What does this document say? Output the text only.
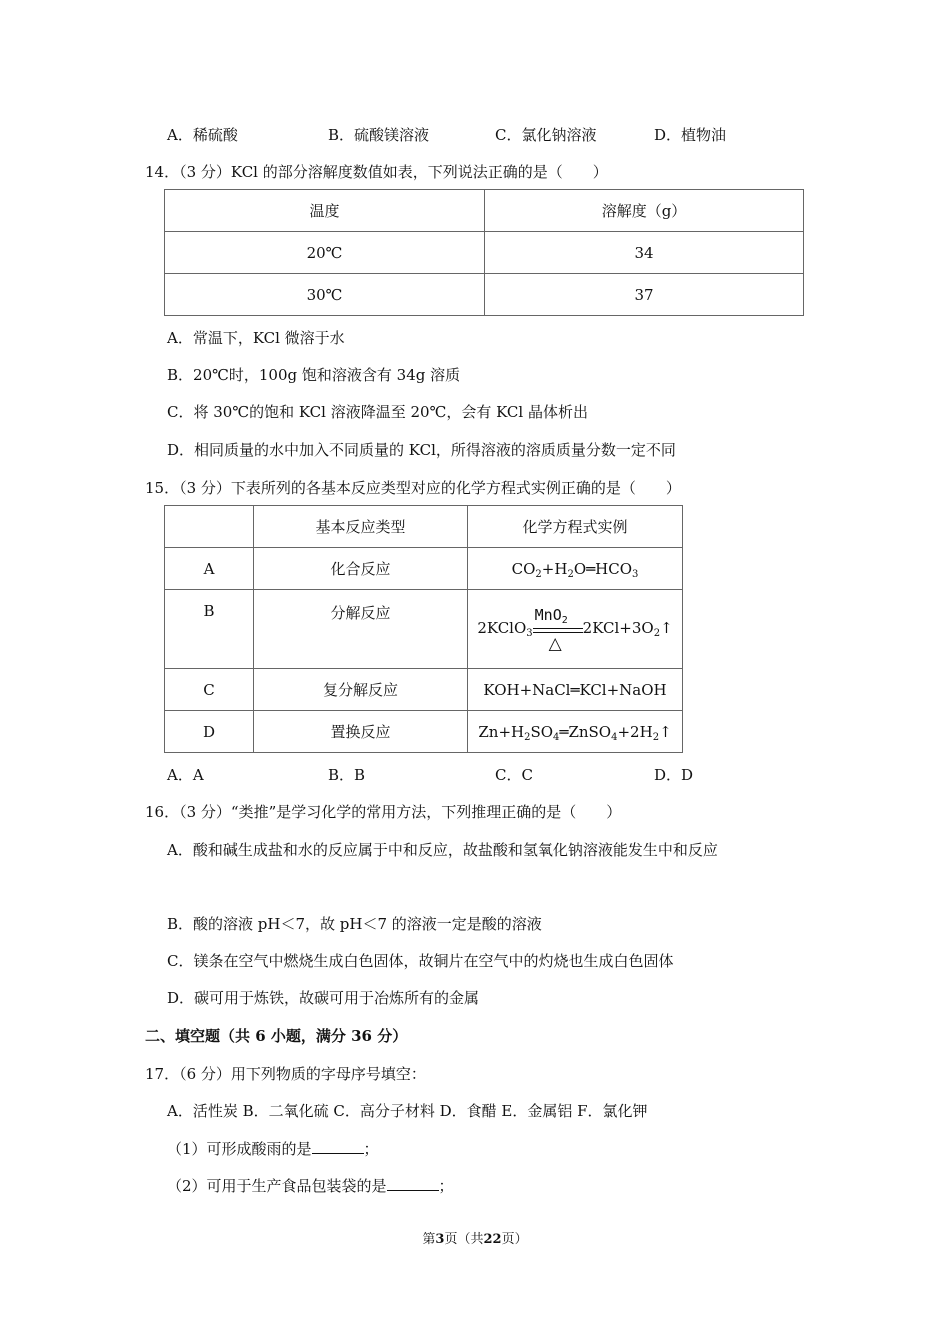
A．稀硫酸	B．硫酸镁溶液	C．氯化钠溶液	D．植物油
14．（3 分）KCl 的部分溶解度数值如表，下列说法正确的是（　　）
温度	溶解度（g）
20℃	34
30℃	37
A．常温下，KCl 微溶于水
B．20℃时，100g 饱和溶液含有 34g 溶质
C．将 30℃的饱和 KCl 溶液降温至 20℃，会有 KCl 晶体析出
D．相同质量的水中加入不同质量的 KCl，所得溶液的溶质质量分数一定不同
15．（3 分）下表所列的各基本反应类型对应的化学方程式实例正确的是（　　）
	基本反应类型	化学方程式实例
A	化合反应	$CO_2+H_2O═HCO_3$
B	分解反应	2KClO$_3$
MnO$_2$
△
$2KCl+3O_2↑$
C	复分解反应	KOH+NaCl═KCl+NaOH
D	置换反应	$Zn+H_2SO_4═ZnSO_4+2H_2↑$
A．A	B．B	C．C	D．D
16．（3 分）“类推”是学习化学的常用方法，下列推理正确的是（　　）
A．酸和碱生成盐和水的反应属于中和反应，故盐酸和氢氧化钠溶液能发生中和反应
B．酸的溶液 pH＜7，故 pH＜7 的溶液一定是酸的溶液
C．镁条在空气中燃烧生成白色固体，故铜片在空气中的灼烧也生成白色固体
D．碳可用于炼铁，故碳可用于冶炼所有的金属
二、填空题（共 6 小题，满分 36 分）
17．（6 分）用下列物质的字母序号填空：
A．活性炭 B．二氧化硫 C．高分子材料 D．食醋 E．金属铝 F．氯化钾
（1）可形成酸雨的是	；
（2）可用于生产食品包装袋的是	；
第3页（共22页）
